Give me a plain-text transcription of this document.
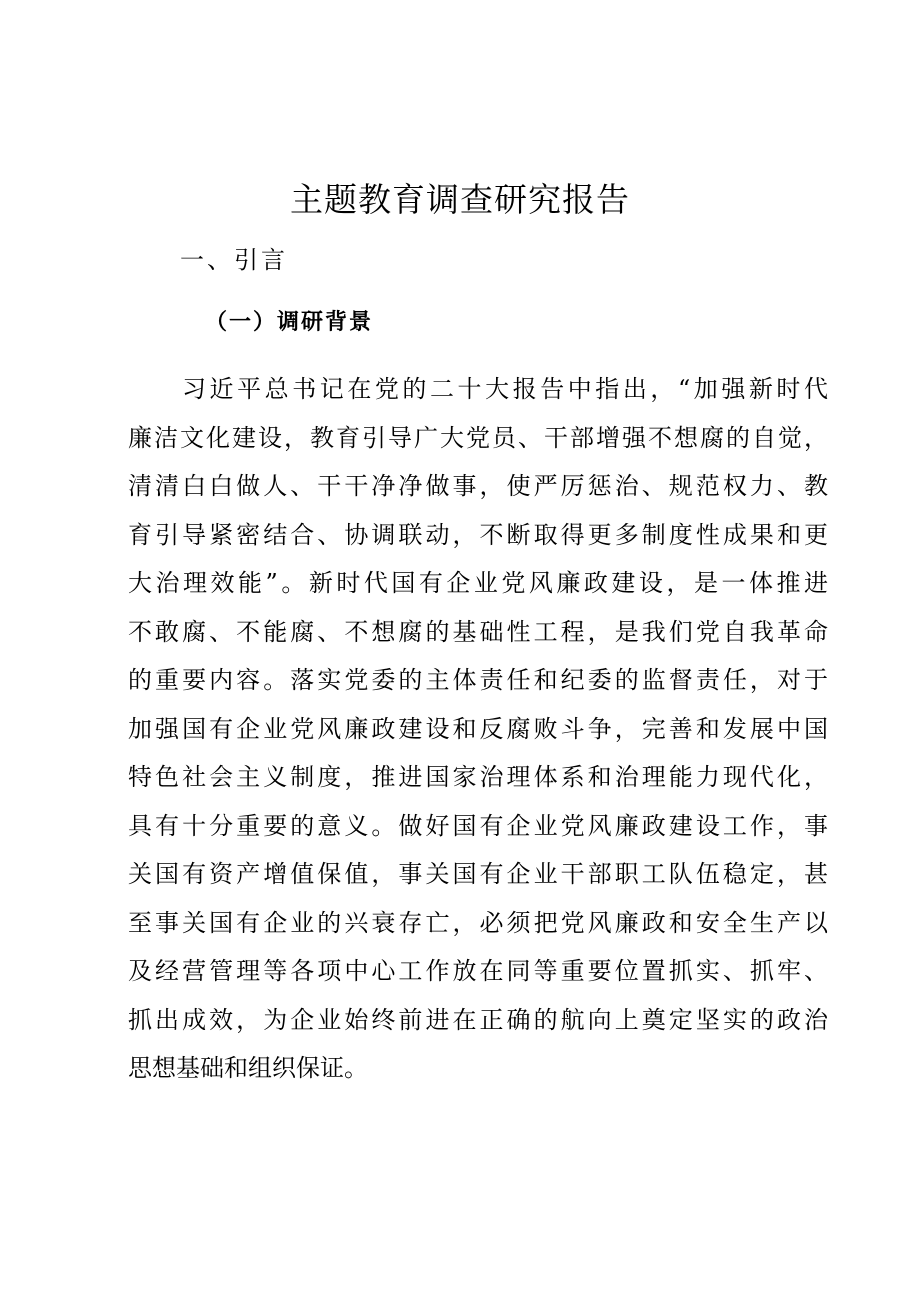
主题教育调查研究报告
一、引言
（一）调研背景
习近平总书记在党的二十大报告中指出，“加强新时代
廉洁文化建设，教育引导广大党员、干部增强不想腐的自觉，
清清白白做人、干干净净做事，使严厉惩治、规范权力、教
育引导紧密结合、协调联动，不断取得更多制度性成果和更
大治理效能”。新时代国有企业党风廉政建设，是一体推进
不敢腐、不能腐、不想腐的基础性工程，是我们党自我革命
的重要内容。落实党委的主体责任和纪委的监督责任，对于
加强国有企业党风廉政建设和反腐败斗争，完善和发展中国
特色社会主义制度，推进国家治理体系和治理能力现代化，
具有十分重要的意义。做好国有企业党风廉政建设工作，事
关国有资产增值保值，事关国有企业干部职工队伍稳定，甚
至事关国有企业的兴衰存亡，必须把党风廉政和安全生产以
及经营管理等各项中心工作放在同等重要位置抓实、抓牢、
抓出成效，为企业始终前进在正确的航向上奠定坚实的政治
思想基础和组织保证。
